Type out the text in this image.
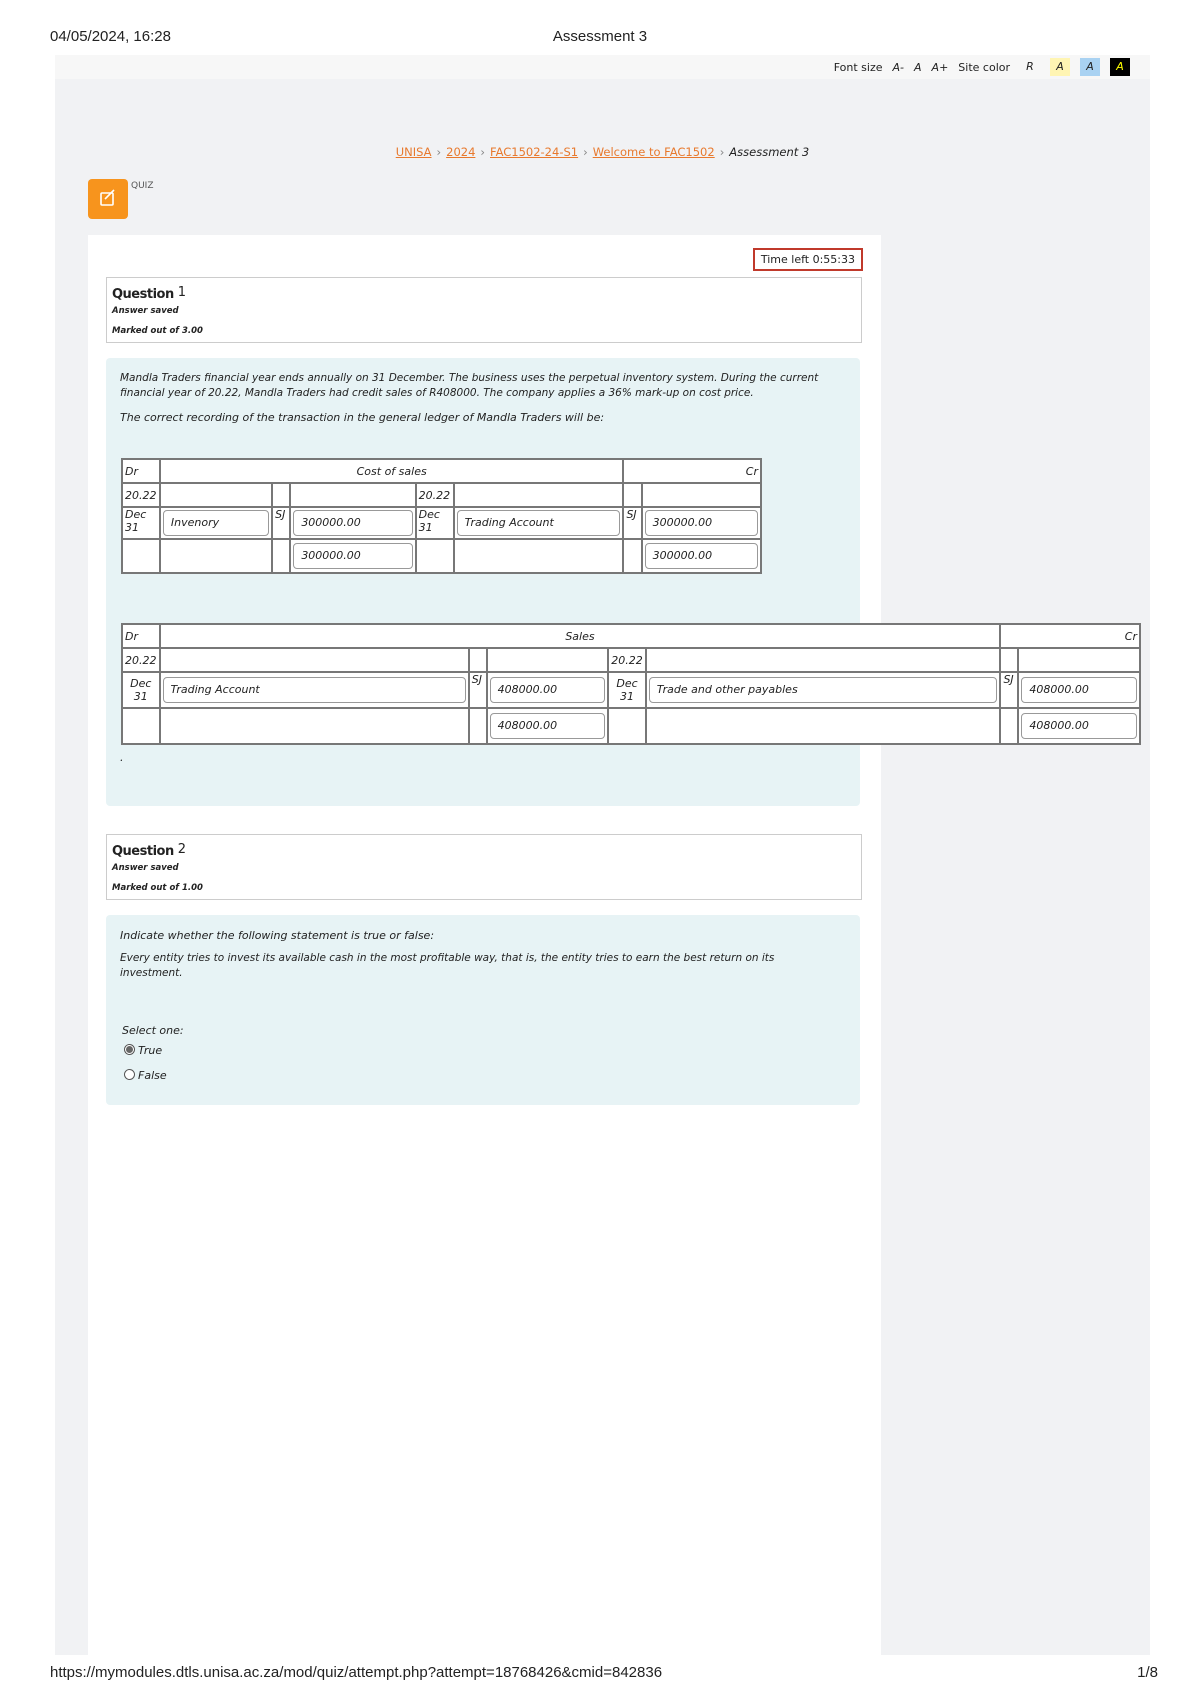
04/05/2024, 16:28	Assessment 3
Font size A- A A+ Site color	R	A	A	A
UNISA › 2024 › FAC1502-24-S1 › Welcome to FAC1502 › Assessment 3
QUIZ
Time left 0:55:33
Question 1
Answer saved
Marked out of 3.00

Mandla Traders financial year ends annually on 31 December. The business uses the perpetual inventory system. During the current financial year of 20.22, Mandla Traders had credit sales of R408000. The company applies a 36% mark-up on cost price.

The correct recording of the transaction in the general ledger of Mandla Traders will be:

Dr	Cost of sales					Cr	
20.22				20.22			
Dec 31	Invenory	SJ	300000.00	Dec 31	Trading Account	SJ	300000.00

			300000.00				300000.00
Dr	Sales					Cr	
20.22				20.22			
Dec 31	Trading Account	SJ	408000.00	Dec 31	Trade and other payables	SJ	408000.00

			408000.00				408000.00

.

Question 2
Answer saved
Marked out of 1.00

Indicate whether the following statement is true or false:

Every entity tries to invest its available cash in the most profitable way, that is, the entity tries to earn the best return on its investment.

Select one:

True
False
https://mymodules.dtls.unisa.ac.za/mod/quiz/attempt.php?attempt=18768426&cmid=842836	1/8
